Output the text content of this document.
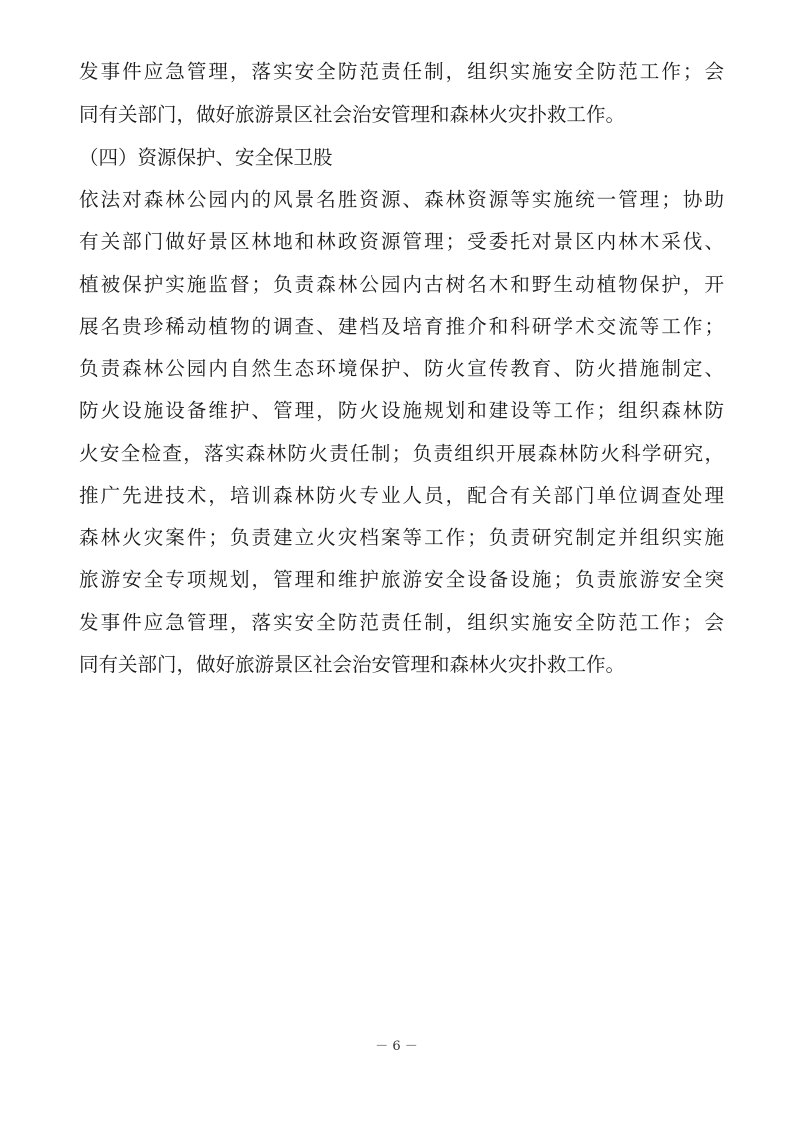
发事件应急管理，落实安全防范责任制，组织实施安全防范工作；会
同有关部门，做好旅游景区社会治安管理和森林火灾扑救工作。
（四）资源保护、安全保卫股
依法对森林公园内的风景名胜资源、森林资源等实施统一管理；协助
有关部门做好景区林地和林政资源管理；受委托对景区内林木采伐、
植被保护实施监督；负责森林公园内古树名木和野生动植物保护，开
展名贵珍稀动植物的调查、建档及培育推介和科研学术交流等工作；
负责森林公园内自然生态环境保护、防火宣传教育、防火措施制定、
防火设施设备维护、管理，防火设施规划和建设等工作；组织森林防
火安全检查，落实森林防火责任制；负责组织开展森林防火科学研究，
推广先进技术，培训森林防火专业人员，配合有关部门单位调查处理
森林火灾案件；负责建立火灾档案等工作；负责研究制定并组织实施
旅游安全专项规划，管理和维护旅游安全设备设施；负责旅游安全突
发事件应急管理，落实安全防范责任制，组织实施安全防范工作；会
同有关部门，做好旅游景区社会治安管理和森林火灾扑救工作。
－ 6 －
